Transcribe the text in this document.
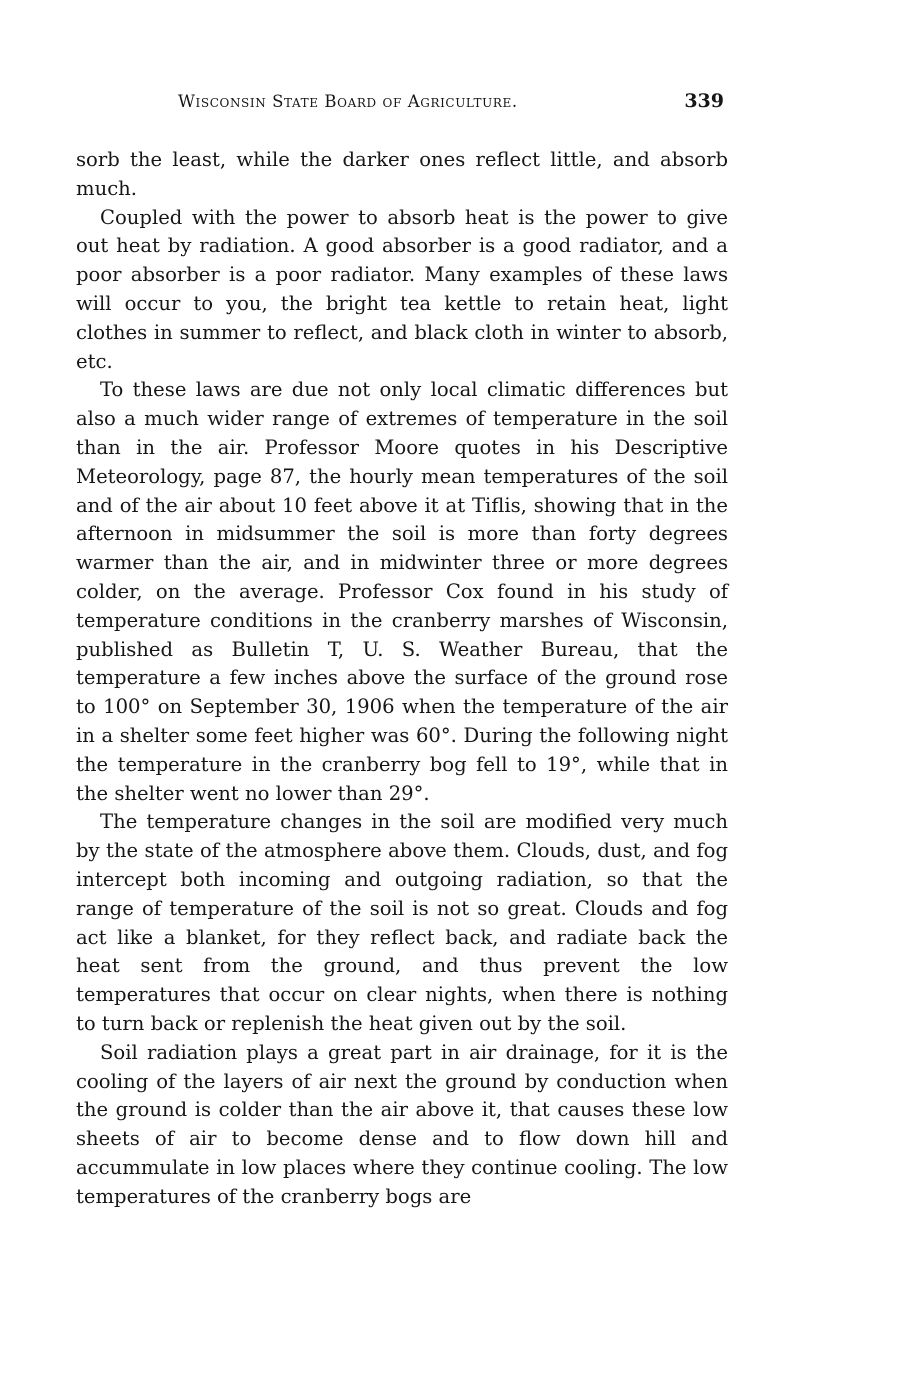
Wisconsin State Board of Agriculture.	339

sorb the least, while the darker ones reflect little, and absorb much.

Coupled with the power to absorb heat is the power to give out heat by radiation. A good absorber is a good radiator, and a poor absorber is a poor radiator. Many examples of these laws will occur to you, the bright tea kettle to retain heat, light clothes in summer to reflect, and black cloth in winter to absorb, etc.

To these laws are due not only local climatic differences but also a much wider range of extremes of temperature in the soil than in the air. Professor Moore quotes in his Descriptive Meteorology, page 87, the hourly mean temperatures of the soil and of the air about 10 feet above it at Tiflis, showing that in the afternoon in midsummer the soil is more than forty degrees warmer than the air, and in midwinter three or more degrees colder, on the average. Professor Cox found in his study of temperature conditions in the cranberry marshes of Wisconsin, published as Bulletin T, U. S. Weather Bureau, that the temperature a few inches above the surface of the ground rose to 100° on September 30, 1906 when the temperature of the air in a shelter some feet higher was 60°. During the following night the temperature in the cranberry bog fell to 19°, while that in the shelter went no lower than 29°.

The temperature changes in the soil are modified very much by the state of the atmosphere above them. Clouds, dust, and fog intercept both incoming and outgoing radiation, so that the range of temperature of the soil is not so great. Clouds and fog act like a blanket, for they reflect back, and radiate back the heat sent from the ground, and thus prevent the low temperatures that occur on clear nights, when there is nothing to turn back or replenish the heat given out by the soil.

Soil radiation plays a great part in air drainage, for it is the cooling of the layers of air next the ground by conduction when the ground is colder than the air above it, that causes these low sheets of air to become dense and to flow down hill and accummulate in low places where they continue cooling. The low temperatures of the cranberry bogs are
